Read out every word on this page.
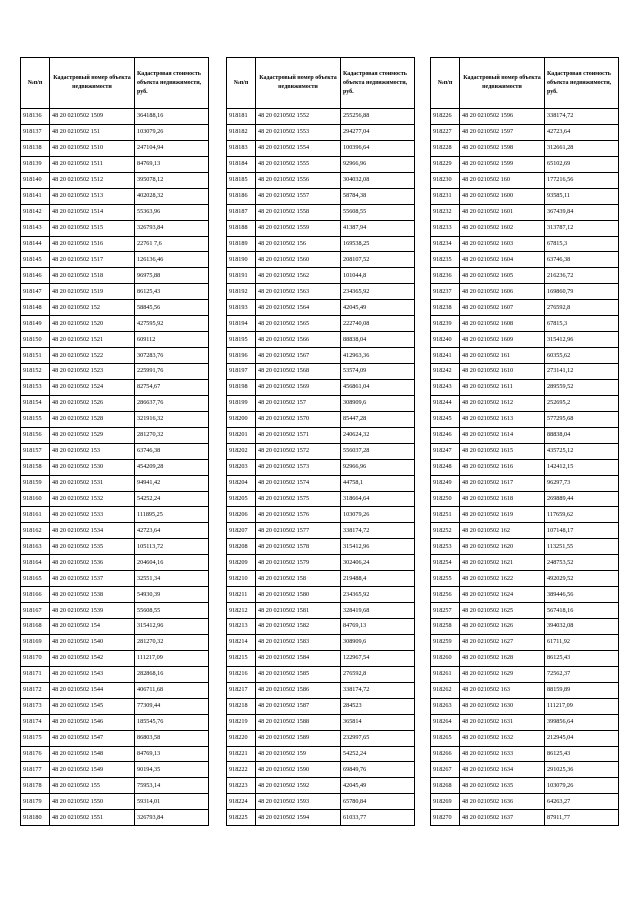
№п/п	Кадастровый номер объекта недвижимости	Кадастровая стоимость объекта недвижимости, руб.
918136	48 20 0210502 1509	364188,16
918137	48 20 0210502 151	103079,26
918138	48 20 0210502 1510	247104,94
918139	48 20 0210502 1511	84769,13
918140	48 20 0210502 1512	395078,12
918141	48 20 0210502 1513	402028,32
918142	48 20 0210502 1514	55363,96
918143	48 20 0210502 1515	326793,84
918144	48 20 0210502 1516	22761 7,6
918145	48 20 0210502 1517	126136,46
918146	48 20 0210502 1518	96975,88
918147	48 20 0210502 1519	86125,43
918148	48 20 0210502 152	58845,56
918149	48 20 0210502 1520	427595,92
918150	48 20 0210502 1521	609112
918151	48 20 0210502 1522	307283,76
918152	48 20 0210502 1523	225991,76
918153	48 20 0210502 1524	82754,67
918154	48 20 0210502 1526	286637,76
918155	48 20 0210502 1528	321916,32
918156	48 20 0210502 1529	281270,32
918157	48 20 0210502 153	63746,38
918158	48 20 0210502 1530	454209,28
918159	48 20 0210502 1531	94941,42
918160	48 20 0210502 1532	54252,24
918161	48 20 0210502 1533	111895,25
918162	48 20 0210502 1534	42723,64
918163	48 20 0210502 1535	105113,72
918164	48 20 0210502 1536	204604,16
918165	48 20 0210502 1537	32551,34
918166	48 20 0210502 1538	54930,39
918167	48 20 0210502 1539	55608,55
918168	48 20 0210502 154	315412,96
918169	48 20 0210502 1540	281270,32
918170	48 20 0210502 1542	111217,09
918171	48 20 0210502 1543	282868,16
918172	48 20 0210502 1544	406711,68
918173	48 20 0210502 1545	77309,44
918174	48 20 0210502 1546	185545,76
918175	48 20 0210502 1547	86803,58
918176	48 20 0210502 1548	84769,13
918177	48 20 0210502 1549	90194,35
918178	48 20 0210502 155	75953,14
918179	48 20 0210502 1550	59314,01
918180	48 20 0210502 1551	326793,84
№п/п	Кадастровый номер объекта недвижимости	Кадастровая стоимость объекта недвижимости, руб.
918181	48 20 0210502 1552	255256,88
918182	48 20 0210502 1553	294277,04
918183	48 20 0210502 1554	100396,64
918184	48 20 0210502 1555	92966,96
918185	48 20 0210502 1556	304032,08
918186	48 20 0210502 1557	58784,38
918187	48 20 0210502 1558	55608,55
918188	48 20 0210502 1559	41387,94
918189	48 20 0210502 156	169538,25
918190	48 20 0210502 1560	208107,52
918191	48 20 0210502 1562	101044,8
918192	48 20 0210502 1563	234365,92
918193	48 20 0210502 1564	42045,49
918194	48 20 0210502 1565	222740,08
918195	48 20 0210502 1566	88838,04
918196	48 20 0210502 1567	412963,36
918197	48 20 0210502 1568	53574,09
918198	48 20 0210502 1569	456861,04
918199	48 20 0210502 157	308909,6
918200	48 20 0210502 1570	85447,28
918201	48 20 0210502 1571	240624,32
918202	48 20 0210502 1572	556037,28
918203	48 20 0210502 1573	92966,96
918204	48 20 0210502 1574	44758,1
918205	48 20 0210502 1575	318664,64
918206	48 20 0210502 1576	103079,26
918207	48 20 0210502 1577	338174,72
918208	48 20 0210502 1578	315412,96
918209	48 20 0210502 1579	302406,24
918210	48 20 0210502 158	219488,4
918211	48 20 0210502 1580	234365,92
918212	48 20 0210502 1581	328419,68
918213	48 20 0210502 1582	84769,13
918214	48 20 0210502 1583	308909,6
918215	48 20 0210502 1584	122967,54
918216	48 20 0210502 1585	276592,8
918217	48 20 0210502 1586	338174,72
918218	48 20 0210502 1587	284523
918219	48 20 0210502 1588	365814
918220	48 20 0210502 1589	232997,65
918221	48 20 0210502 159	54252,24
918222	48 20 0210502 1590	69849,76
918223	48 20 0210502 1592	42045,49
918224	48 20 0210502 1593	65780,84
918225	48 20 0210502 1594	61033,77
№п/п	Кадастровый номер объекта недвижимости	Кадастровая стоимость объекта недвижимости, руб.
918226	48 20 0210502 1596	338174,72
918227	48 20 0210502 1597	42723,64
918228	48 20 0210502 1598	312661,28
918229	48 20 0210502 1599	65102,69
918230	48 20 0210502 160	177216,56
918231	48 20 0210502 1600	93585,11
918232	48 20 0210502 1601	367439,84
918233	48 20 0210502 1602	313787,12
918234	48 20 0210502 1603	67815,3
918235	48 20 0210502 1604	63746,38
918236	48 20 0210502 1605	216236,72
918237	48 20 0210502 1606	169860,79
918238	48 20 0210502 1607	276592,8
918239	48 20 0210502 1608	67815,3
918240	48 20 0210502 1609	315412,96
918241	48 20 0210502 161	60355,62
918242	48 20 0210502 1610	273141,12
918243	48 20 0210502 1611	289559,52
918244	48 20 0210502 1612	252695,2
918245	48 20 0210502 1613	577295,68
918246	48 20 0210502 1614	88838,04
918247	48 20 0210502 1615	435725,12
918248	48 20 0210502 1616	142412,15
918249	48 20 0210502 1617	96297,73
918250	48 20 0210502 1618	269889,44
918251	48 20 0210502 1619	117659,62
918252	48 20 0210502 162	107148,17
918253	48 20 0210502 1620	113251,55
918254	48 20 0210502 1621	248753,52
918255	48 20 0210502 1622	492029,52
918256	48 20 0210502 1624	389446,56
918257	48 20 0210502 1625	567418,16
918258	48 20 0210502 1626	394032,08
918259	48 20 0210502 1627	61711,92
918260	48 20 0210502 1628	86125,43
918261	48 20 0210502 1629	72562,37
918262	48 20 0210502 163	88159,89
918263	48 20 0210502 1630	111217,09
918264	48 20 0210502 1631	399856,64
918265	48 20 0210502 1632	212945,04
918266	48 20 0210502 1633	86125,43
918267	48 20 0210502 1634	291025,36
918268	48 20 0210502 1635	103079,26
918269	48 20 0210502 1636	64263,27
918270	48 20 0210502 1637	87911,77
